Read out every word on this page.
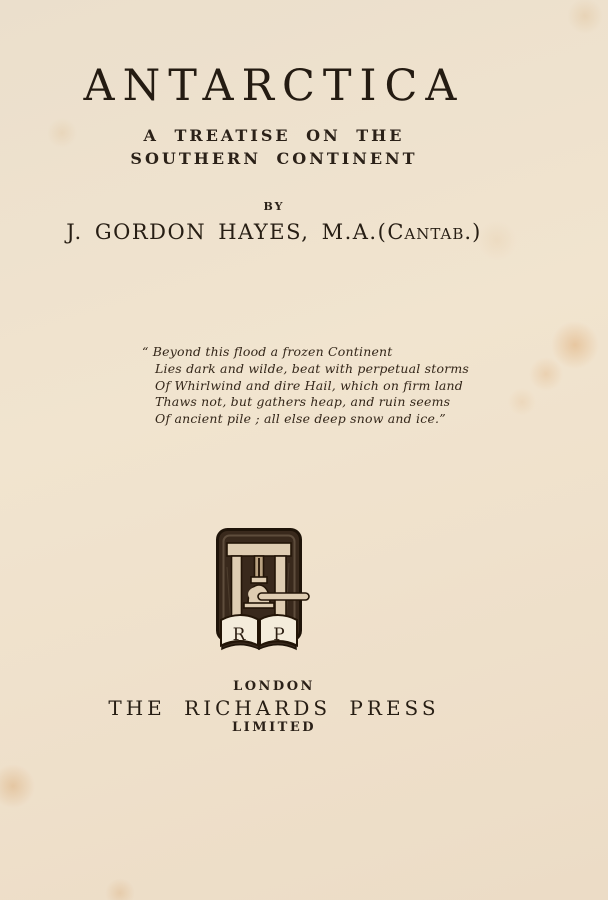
ANTARCTICA
A TREATISE ON THE
SOUTHERN CONTINENT
BY
J. GORDON HAYES, M.A.(Cantab.)
“ Beyond this flood a frozen Continent
Lies dark and wilde, beat with perpetual storms
Of Whirlwind and dire Hail, which on firm land
Thaws not, but gathers heap, and ruin seems
Of ancient pile ; all else deep snow and ice.”
R P
LONDON
THE RICHARDS PRESS
LIMITED
